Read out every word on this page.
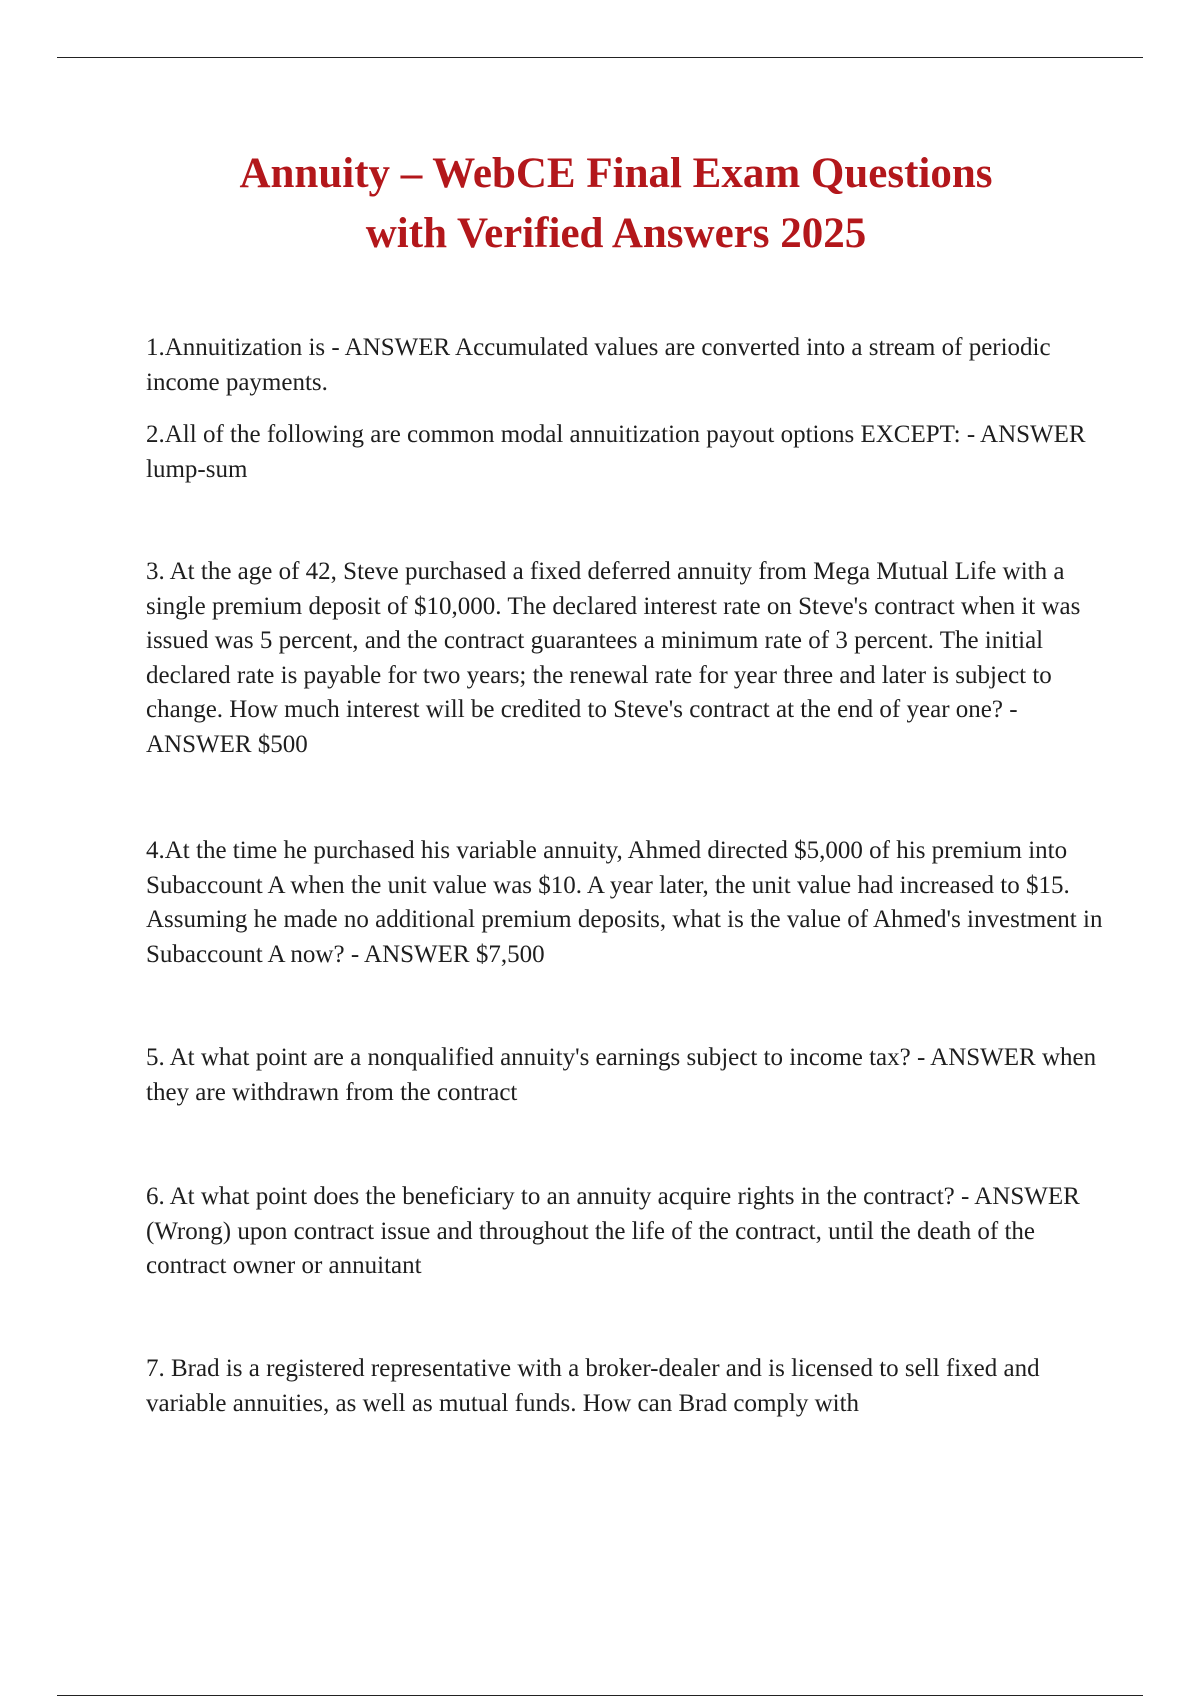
Annuity – WebCE Final Exam Questions
with Verified Answers 2025

1.Annuitization is - ANSWER Accumulated values are converted into a stream of periodic income payments.

2.All of the following are common modal annuitization payout options EXCEPT: - ANSWER lump-sum

3. At the age of 42, Steve purchased a fixed deferred annuity from Mega Mutual Life with a single premium deposit of $10,000. The declared interest rate on Steve's contract when it was issued was 5 percent, and the contract guarantees a minimum rate of 3 percent. The initial declared rate is payable for two years; the renewal rate for year three and later is subject to change. How much interest will be credited to Steve's contract at the end of year one? - ANSWER $500

4.At the time he purchased his variable annuity, Ahmed directed $5,000 of his premium into Subaccount A when the unit value was $10. A year later, the unit value had increased to $15. Assuming he made no additional premium deposits, what is the value of Ahmed's investment in Subaccount A now? - ANSWER $7,500

5. At what point are a nonqualified annuity's earnings subject to income tax? - ANSWER when they are withdrawn from the contract

6. At what point does the beneficiary to an annuity acquire rights in the contract? - ANSWER (Wrong) upon contract issue and throughout the life of the contract, until the death of the contract owner or annuitant

7. Brad is a registered representative with a broker-dealer and is licensed to sell fixed and variable annuities, as well as mutual funds. How can Brad comply with
